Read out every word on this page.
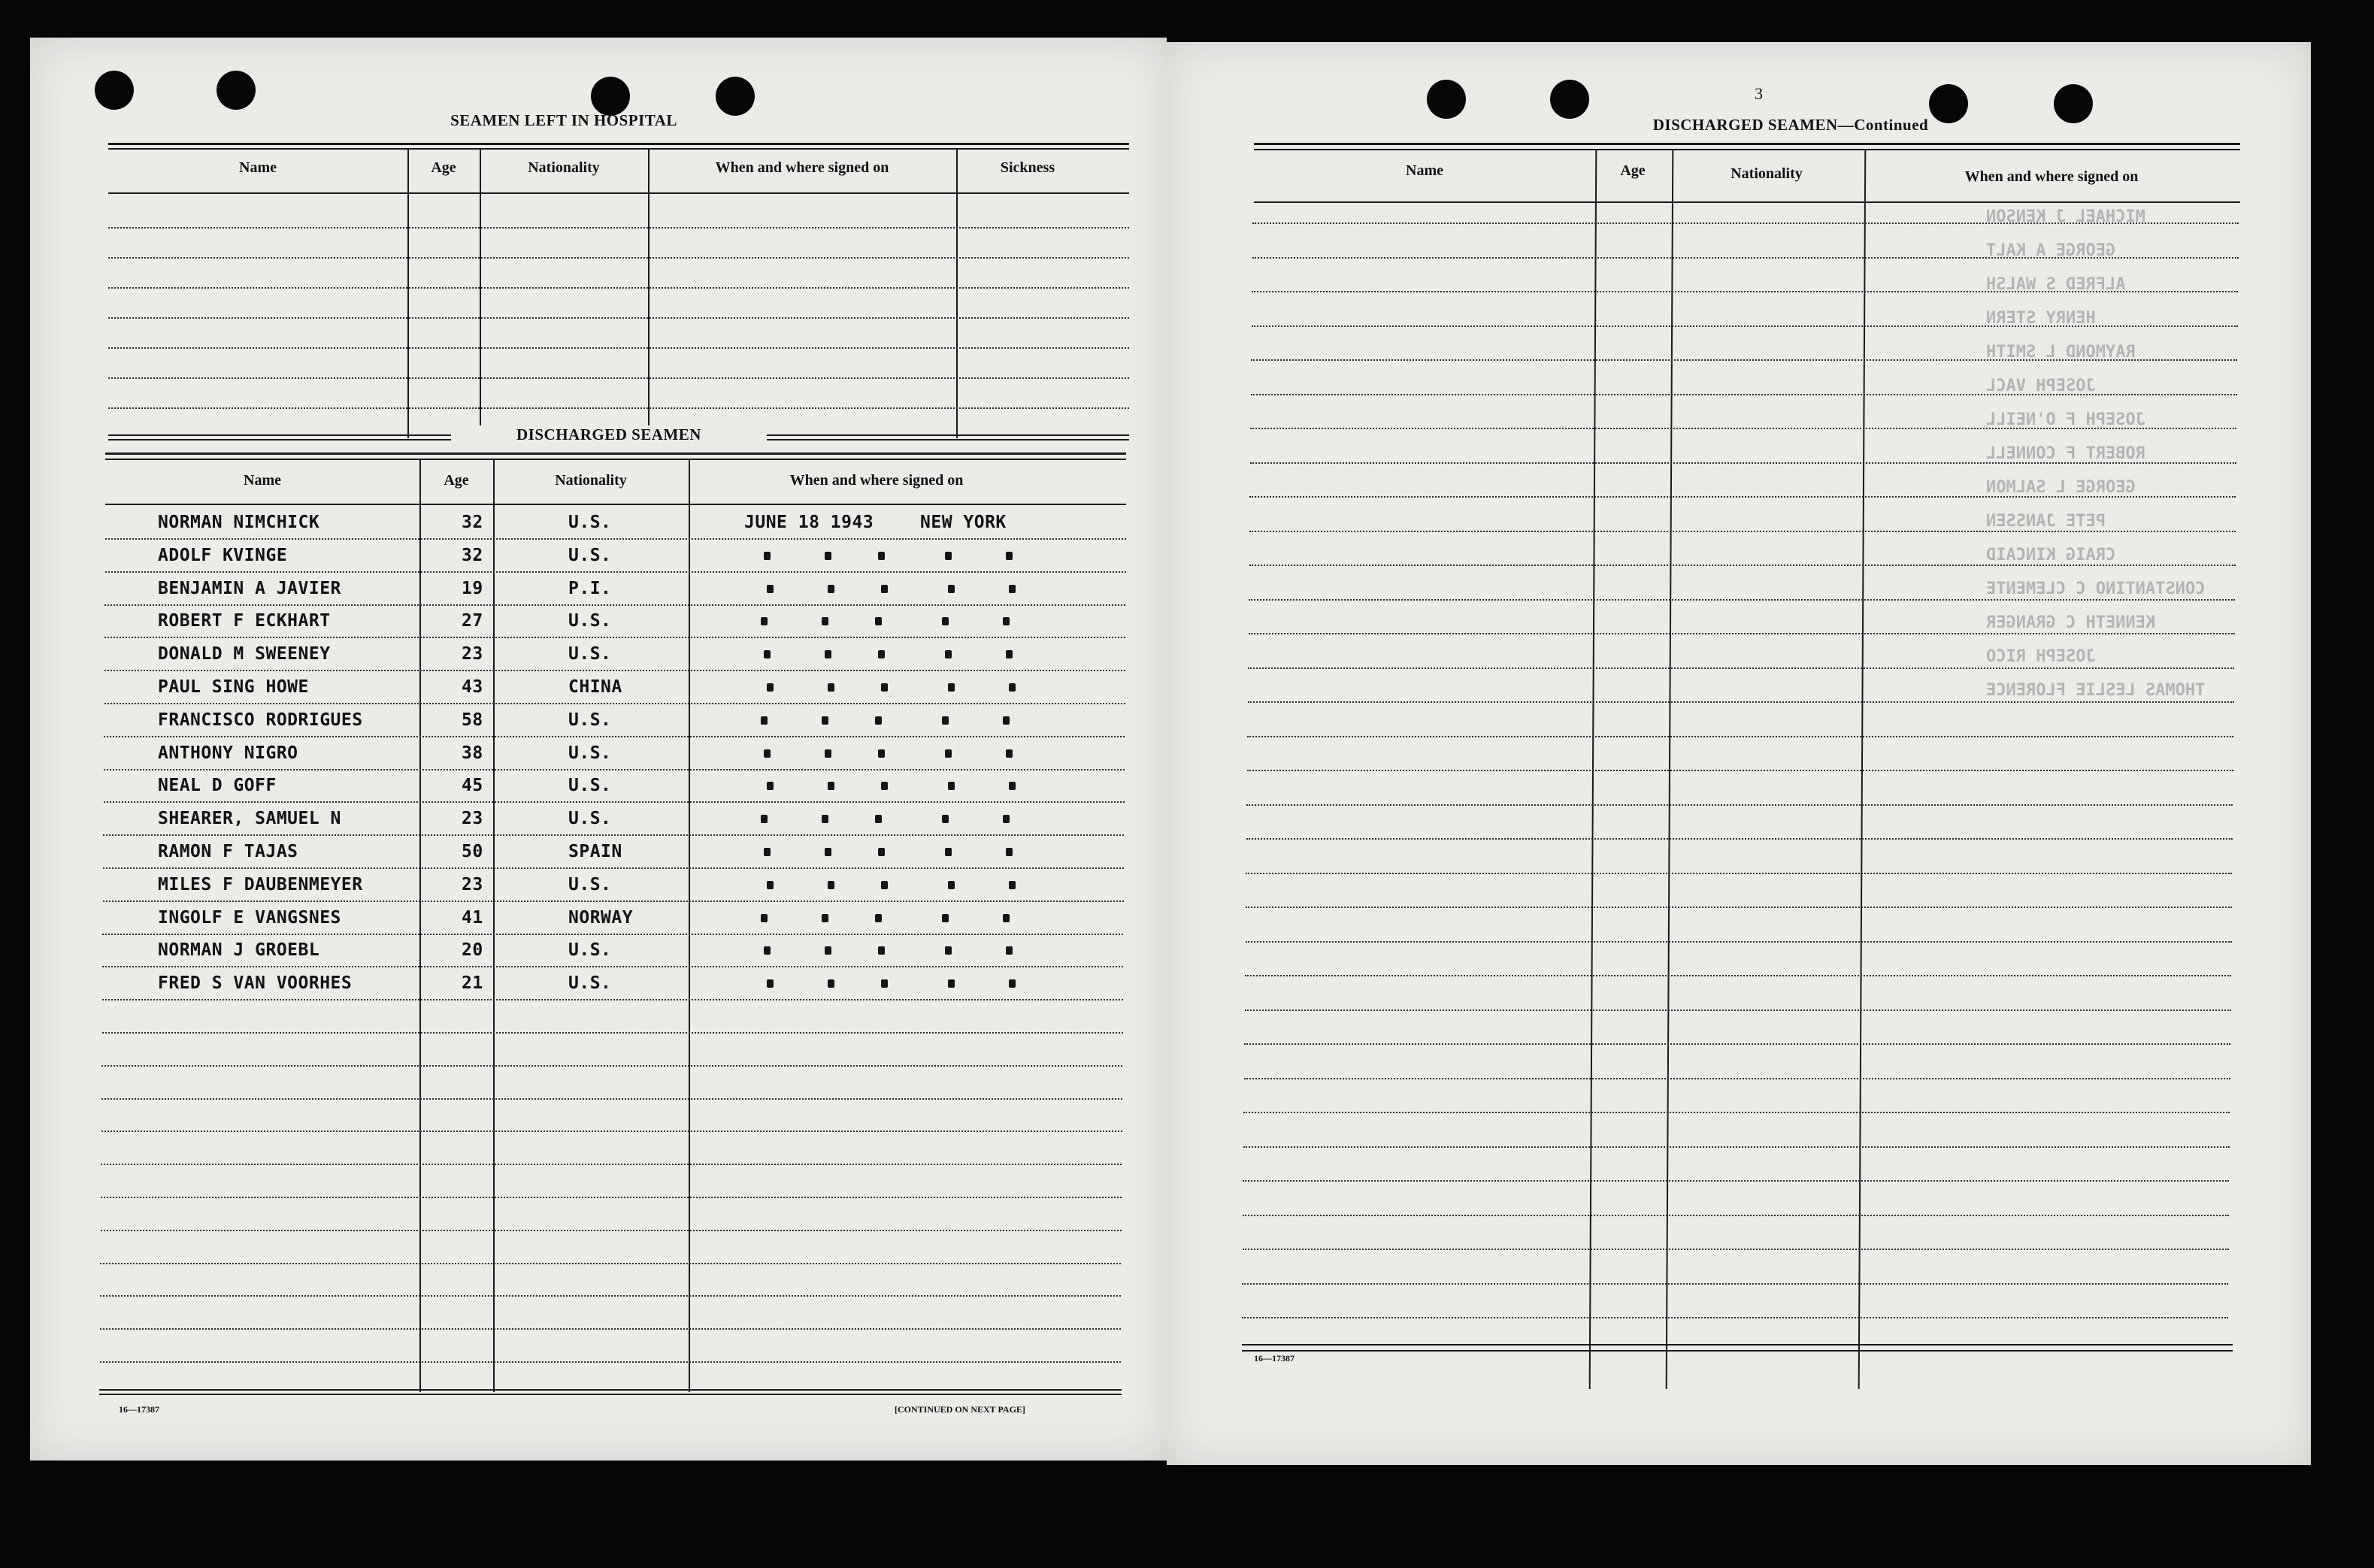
SEAMEN LEFT IN HOSPITAL
Name	Age	Nationality	When and where signed on	Sickness
DISCHARGED SEAMEN
Name	Age	Nationality	When and where signed on
NORMAN NIMCHICK	32	U.S.	JUNE 18 1943	NEW YORK
ADOLF KVINGE	32	U.S.
BENJAMIN A JAVIER	19	P.I.
ROBERT F ECKHART	27	U.S.
DONALD M SWEENEY	23	U.S.
PAUL SING HOWE	43	CHINA
FRANCISCO RODRIGUES	58	U.S.
ANTHONY NIGRO	38	U.S.
NEAL D GOFF	45	U.S.
SHEARER, SAMUEL N	23	U.S.
RAMON F TAJAS	50	SPAIN
MILES F DAUBENMEYER	23	U.S.
INGOLF E VANGSNES	41	NORWAY
NORMAN J GROEBL	20	U.S.
FRED S VAN VOORHES	21	U.S.
16—17387	[CONTINUED ON NEXT PAGE]
3
DISCHARGED SEAMEN—Continued
Name	Age	Nationality	When and where signed on
MICHAEL J KENSON
GEORGE A KALT
ALFRED S WALSH
HENRY STERN
RAYMOND L SMITH
JOSEPH VACL
JOSEPH F O'NEILL
ROBERT F CONNELL
GEORGE L SALMON
PETE JANSSEN
CRAIG KINCAID
CONSTANTINO C CLEMENTE
KENNETH C GRANGER
JOSEPH RICO
THOMAS LESLIE FLORENCE
16—17387
